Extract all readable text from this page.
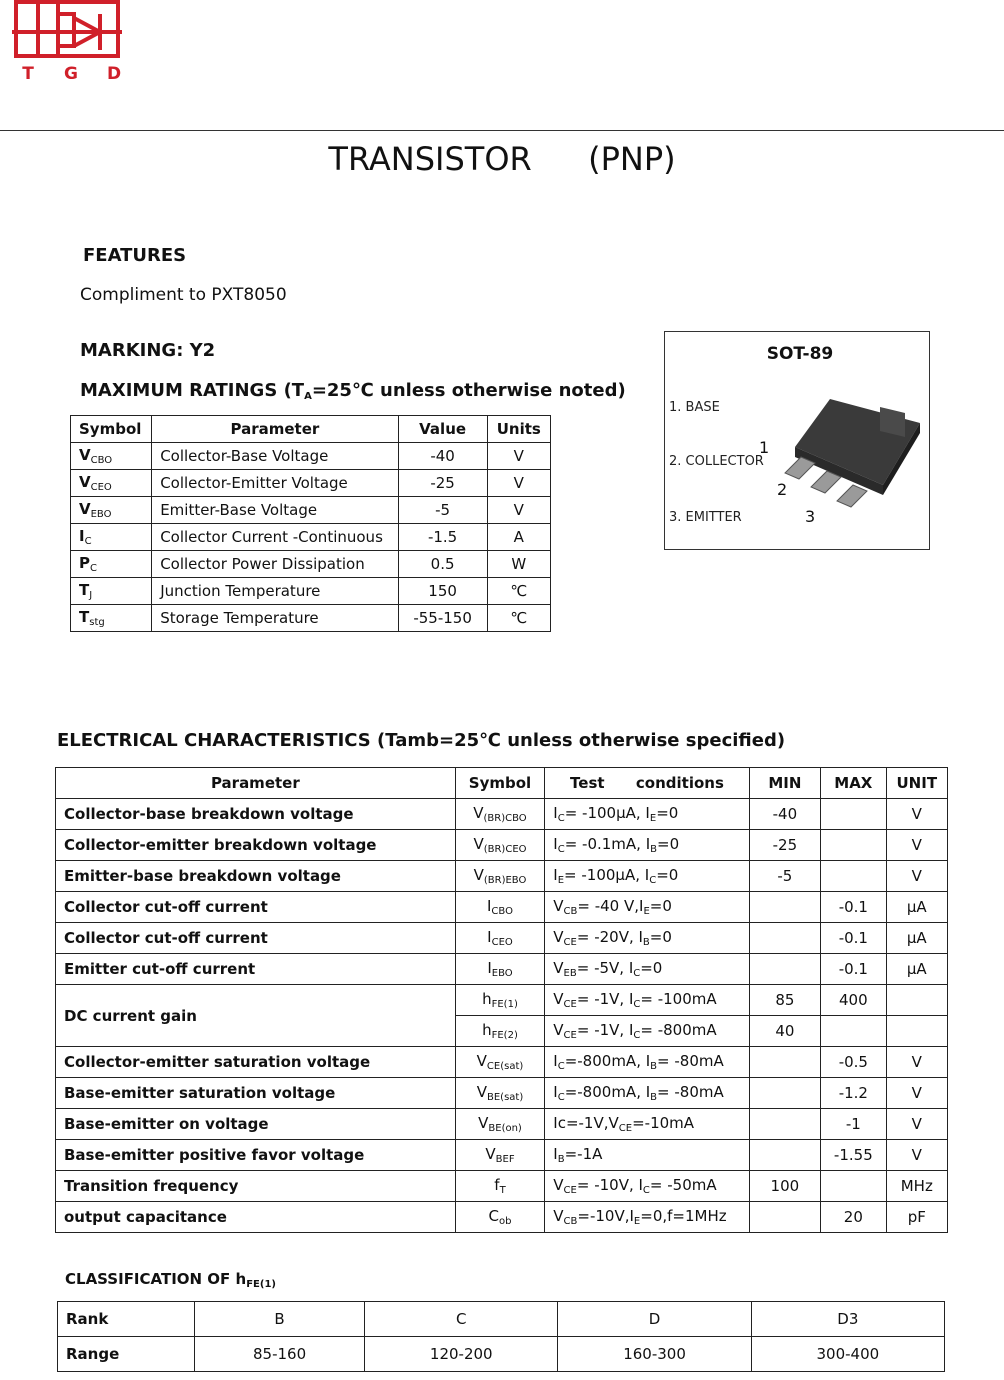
T G D
TRANSISTOR (PNP)
FEATURES
Compliment to PXT8050
MARKING: Y2
MAXIMUM RATINGS ($T_A=25℃$ unless otherwise noted)
Symbol	Parameter	Value	Units
$V_{CBO}$	Collector-Base Voltage	-40	V
$V_{CEO}$	Collector-Emitter Voltage	-25	V
$V_{EBO}$	Emitter-Base Voltage	-5	V
$I_C$	Collector Current -Continuous	-1.5	A
$P_C$	Collector Power Dissipation	0.5	W
$T_J$	Junction Temperature	150	℃
$T_{stg}$	Storage Temperature	-55-150	℃
SOT-89
1. BASE
2. COLLECTOR
3. EMITTER
1
2
3
ELECTRICAL CHARACTERISTICS (Tamb=25℃ unless otherwise specified)
Parameter	Symbol	Test      conditions	MIN	MAX	UNIT
Collector-base breakdown voltage	$V_{(BR)CBO}$	$I_C= -100\mu A$, $I_E=0$	-40		V
Collector-emitter breakdown voltage	$V_{(BR)CEO}$	$I_C= -0.1mA$, $I_B=0$	-25		V
Emitter-base breakdown voltage	$V_{(BR)EBO}$	$I_E= -100\mu A$, $I_C=0$	-5		V
Collector cut-off current	$I_{CBO}$	$V_{CB}= -40$ $V,I_E=0$		-0.1	μA
Collector cut-off current	$I_{CEO}$	$V_{CE}= -20V$, $I_B=0$		-0.1	μA
Emitter cut-off current	$I_{EBO}$	$V_{EB}= -5V$, $I_C=0$		-0.1	μA
DC current gain	$h_{FE(1)}$	$V_{CE}= -1V$, $I_C= -100mA$	85	400	
	$h_{FE(2)}$	$V_{CE}= -1V$, $I_C= -800mA$	40		
Collector-emitter saturation voltage	$V_{CE(sat)}$	$I_C=-800mA$, $I_B= -80mA$		-0.5	V
Base-emitter saturation voltage	$V_{BE(sat)}$	$I_C=-800mA$, $I_B= -80mA$		-1.2	V
Base-emitter on voltage	$V_{BE(on)}$	$Ic=-1V,V_{CE}=-10mA$		-1	V
Base-emitter positive favor voltage	$V_{BEF}$	$I_B=-1A$		-1.55	V
Transition frequency	$f_T$	$V_{CE}= -10V$, $I_C= -50mA$	100		MHz
output capacitance	$C_{ob}$	$V_{CB}=-10V,I_E=0,f=1MHz$		20	pF
CLASSIFICATION OF $h_{FE(1)}$
Rank	B	C	D	D3
Range	85-160	120-200	160-300	300-400
